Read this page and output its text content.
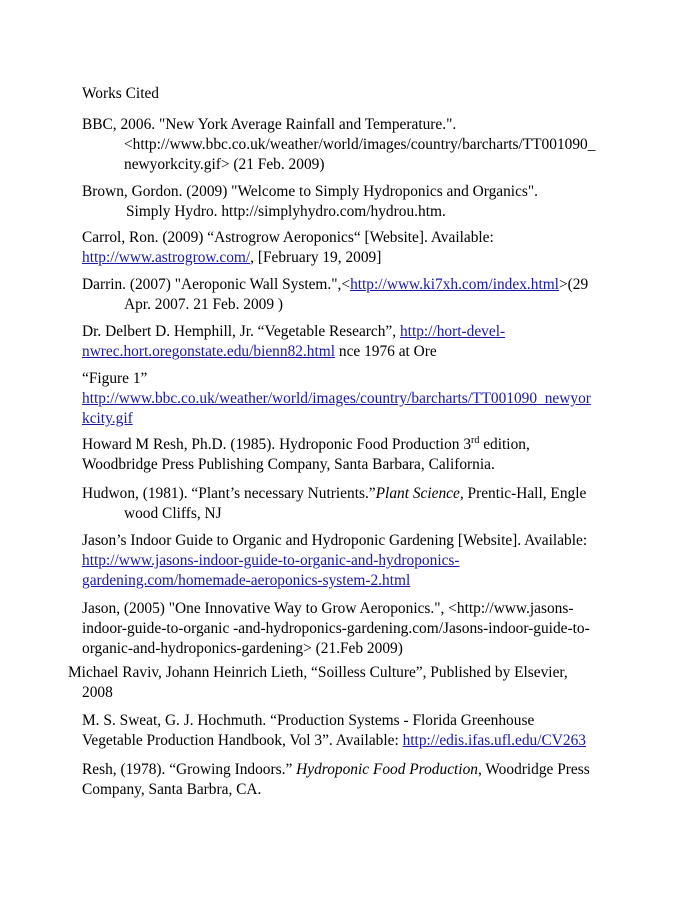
Works Cited
BBC, 2006. "New York Average Rainfall and Temperature.".
<http://www.bbc.co.uk/weather/world/images/country/barcharts/TT001090_
newyorkcity.gif> (21 Feb. 2009)
Brown, Gordon. (2009) "Welcome to Simply Hydroponics and Organics".
Simply Hydro. http://simplyhydro.com/hydrou.htm.
Carrol, Ron. (2009) “Astrogrow Aeroponics“ [Website]. Available:
http://www.astrogrow.com/, [February 19, 2009]
Darrin. (2007) "Aeroponic Wall System.",<http://www.ki7xh.com/index.html>(29
Apr. 2007. 21 Feb. 2009 )
Dr. Delbert D. Hemphill, Jr. “Vegetable Research”, http://hort-devel-
nwrec.hort.oregonstate.edu/bienn82.html nce 1976 at Ore
“Figure 1”
http://www.bbc.co.uk/weather/world/images/country/barcharts/TT001090_newyor
kcity.gif
Howard M Resh, Ph.D. (1985). Hydroponic Food Production 3rd edition,
Woodbridge Press Publishing Company, Santa Barbara, California.
Hudwon, (1981). “Plant’s necessary Nutrients.”Plant Science, Prentic-Hall, Engle
wood Cliffs, NJ
Jason’s Indoor Guide to Organic and Hydroponic Gardening [Website]. Available:
http://www.jasons-indoor-guide-to-organic-and-hydroponics-
gardening.com/homemade-aeroponics-system-2.html
Jason, (2005) "One Innovative Way to Grow Aeroponics.", <http://www.jasons-
indoor-guide-to-organic -and-hydroponics-gardening.com/Jasons-indoor-guide-to-
organic-and-hydroponics-gardening> (21.Feb 2009)
Michael Raviv, Johann Heinrich Lieth, “Soilless Culture”, Published by Elsevier,
2008
M. S. Sweat, G. J. Hochmuth. “Production Systems - Florida Greenhouse
Vegetable Production Handbook, Vol 3”. Available: http://edis.ifas.ufl.edu/CV263
Resh, (1978). “Growing Indoors.” Hydroponic Food Production, Woodridge Press
Company, Santa Barbra, CA.
